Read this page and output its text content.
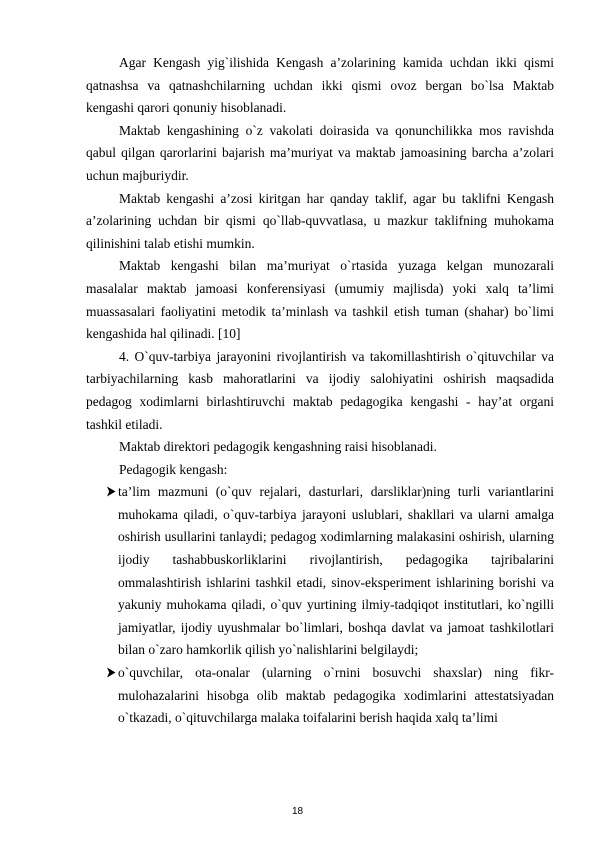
Agar Kengash yig`ilishida Kengash a’zolarining kamida uchdan ikki qismi qatnashsa va qatnashchilarning uchdan ikki qismi ovoz bergan bo`lsa Maktab kengashi qarori qonuniy hisoblanadi.

Maktab kengashining o`z vakolati doirasida va qonunchilikka mos ravishda qabul qilgan qarorlarini bajarish ma’muriyat va maktab jamoasining barcha a’zolari uchun majburiydir.

Maktab kengashi a’zosi kiritgan har qanday taklif, agar bu taklifni Kengash a’zolarining uchdan bir qismi qo`llab-quvvatlasa, u mazkur taklifning muhokama qilinishini talab etishi mumkin.

Maktab kengashi bilan ma’muriyat o`rtasida yuzaga kelgan munozarali masalalar maktab jamoasi konferensiyasi (umumiy majlisda) yoki xalq ta’limi muassasalari faoliyatini metodik ta’minlash va tashkil etish tuman (shahar) bo`limi kengashida hal qilinadi. [10]

4. O`quv-tarbiya jarayonini rivojlantirish va takomillashtirish o`qituvchilar va tarbiyachilarning kasb mahoratlarini va ijodiy salohiyatini oshirish maqsadida pedagog xodimlarni birlashtiruvchi maktab pedagogika kengashi - hay’at organi tashkil etiladi.

Maktab direktori pedagogik kengashning raisi hisoblanadi.

Pedagogik kengash:

ta’lim mazmuni (o`quv rejalari, dasturlari, darsliklar)ning turli variantlarini muhokama qiladi, o`quv-tarbiya jarayoni uslublari, shakllari va ularni amalga oshirish usullarini tanlaydi; pedagog xodimlarning malakasini oshirish, ularning ijodiy tashabbuskorliklarini rivojlantirish, pedagogika tajribalarini ommalashtirish ishlarini tashkil etadi, sinov-eksperiment ishlarining borishi va yakuniy muhokama qiladi, o`quv yurtining ilmiy-tadqiqot institutlari, ko`ngilli jamiyatlar, ijodiy uyushmalar bo`limlari, boshqa davlat va jamoat tashkilotlari bilan o`zaro hamkorlik qilish yo`nalishlarini belgilaydi;

o`quvchilar, ota-onalar (ularning o`rnini bosuvchi shaxslar) ning fikr-mulohazalarini hisobga olib maktab pedagogika xodimlarini attestatsiyadan o`tkazadi, o`qituvchilarga malaka toifalarini berish haqida xalq ta’limi

18
